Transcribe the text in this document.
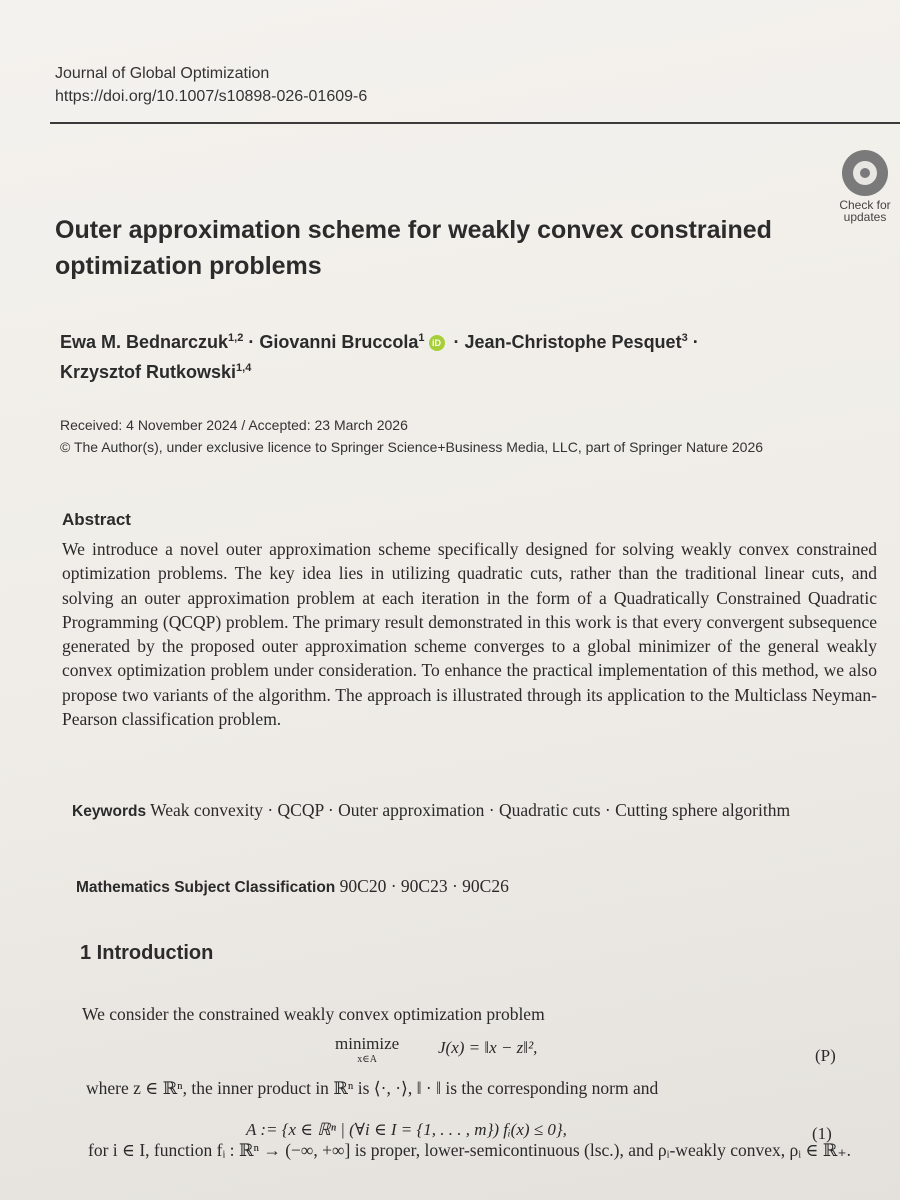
Journal of Global Optimization
https://doi.org/10.1007/s10898-026-01609-6
Check for updates
Outer approximation scheme for weakly convex constrained optimization problems
Ewa M. Bednarczuk$^{1,2}$ · Giovanni Bruccola$^1$ iD · Jean-Christophe Pesquet$^3$ ·
Krzysztof Rutkowski$^{1,4}$
Received: 4 November 2024 / Accepted: 23 March 2026
© The Author(s), under exclusive licence to Springer Science+Business Media, LLC, part of Springer Nature 2026
Abstract
We introduce a novel outer approximation scheme specifically designed for solving weakly convex constrained optimization problems. The key idea lies in utilizing quadratic cuts, rather than the traditional linear cuts, and solving an outer approximation problem at each iteration in the form of a Quadratically Constrained Quadratic Programming (QCQP) problem. The primary result demonstrated in this work is that every convergent subsequence generated by the proposed outer approximation scheme converges to a global minimizer of the general weakly convex optimization problem under consideration. To enhance the practical implementation of this method, we also propose two variants of the algorithm. The approach is illustrated through its application to the Multiclass Neyman-Pearson classification problem.
Keywords Weak convexity · QCQP · Outer approximation · Quadratic cuts · Cutting sphere algorithm
Mathematics Subject Classification 90C20 · 90C23 · 90C26
1 Introduction
We consider the constrained weakly convex optimization problem
minimize
x∈A
J(x) = ‖x − z‖²,	(P)
where z ∈ ℝⁿ, the inner product in ℝⁿ is ⟨·, ·⟩, ‖ · ‖ is the corresponding norm and
A := {x ∈ ℝⁿ | (∀i ∈ I = {1, . . . , m}) fᵢ(x) ≤ 0},	(1)
for i ∈ I, function fᵢ : ℝⁿ → (−∞, +∞] is proper, lower-semicontinuous (lsc.), and ρᵢ-weakly convex, ρᵢ ∈ ℝ₊.
